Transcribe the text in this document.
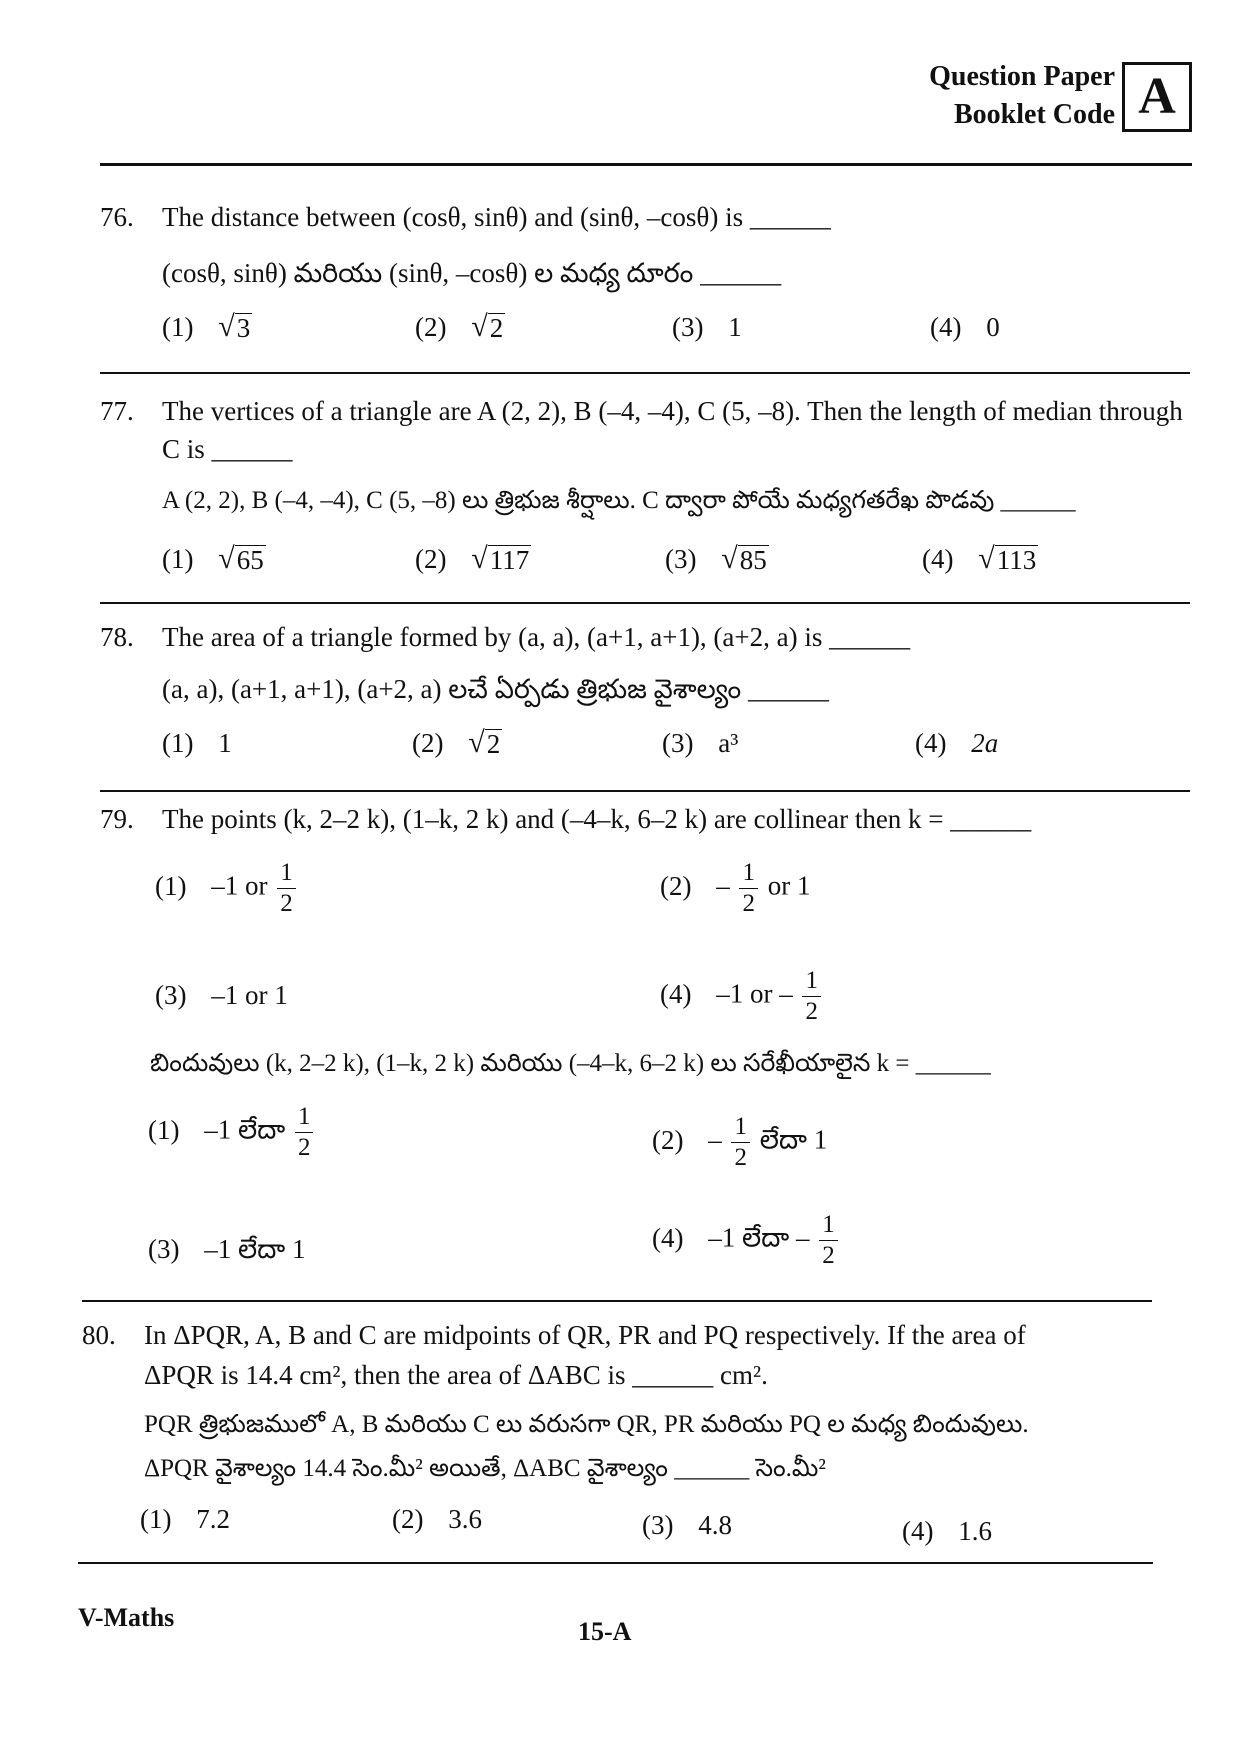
Question Paper
Booklet Code A
76.	The distance between (cosθ, sinθ) and (sinθ, –cosθ) is ______
(cosθ, sinθ) మరియు (sinθ, –cosθ) ల మధ్య దూరం ______
(1) √ 3	(2) √ 2	(3) 1	(4) 0
77.	The vertices of a triangle are A (2, 2), B (–4, –4), C (5, –8). Then the length of median through C is ______
A (2, 2), B (–4, –4), C (5, –8) లు త్రిభుజ శీర్షాలు. C ద్వారా పోయే మధ్యగతరేఖ పొడవు ______
(1) √ 65	(2) √ 117	(3) √ 85	(4) √ 113
78.	The area of a triangle formed by (a, a), (a+1, a+1), (a+2, a) is ______
(a, a), (a+1, a+1), (a+2, a) లచే ఏర్పడు త్రిభుజ వైశాల్యం ______
(1) 1	(2) √ 2	(3) a³	(4) 2a
79.	The points (k, 2–2 k), (1–k, 2 k) and (–4–k, 6–2 k) are collinear then k = ______
(1) –1 or $\frac{1}{2}$	$(2) - \frac{1}{2}$ or 1
(3) –1 or 1	(4) –1 or – $\frac{1}{2}$
బిందువులు (k, 2–2 k), (1–k, 2 k) మరియు (–4–k, 6–2 k) లు సరేఖీయాలైన k = ______
(1) –1 లేదా $\frac{1}{2}$	$(2) - \frac{1}{2}$ లేదా 1
(3) –1 లేదా 1	(4) –1 లేదా – $\frac{1}{2}$
80.	In ΔPQR, A, B and C are midpoints of QR, PR and PQ respectively. If the area of
ΔPQR is 14.4 cm², then the area of ΔABC is ______ cm².
PQR త్రిభుజములో A, B మరియు C లు వరుసగా QR, PR మరియు PQ ల మధ్య బిందువులు.
ΔPQR వైశాల్యం 14.4 సెం.మీ² అయితే, ΔABC వైశాల్యం ______ సెం.మీ²
(1) 7.2	(2) 3.6	(3) 4.8	(4) 1.6
V-Maths	15-A
